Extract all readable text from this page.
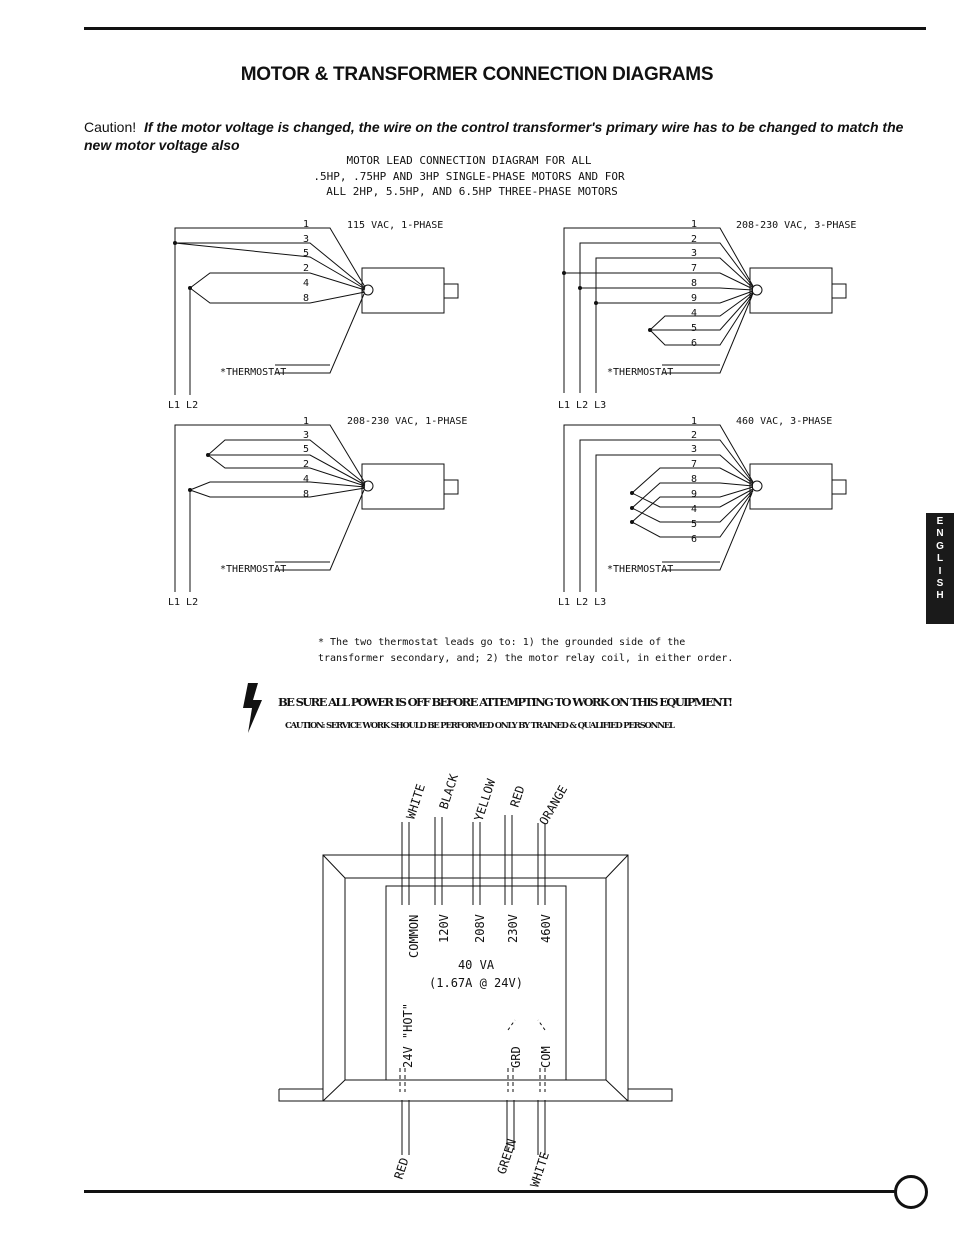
MOTOR & TRANSFORMER CONNECTION DIAGRAMS
Caution! If the motor voltage is changed, the wire on the control transformer's primary wire has to be changed to match the new motor voltage also
E
N
G
L
I
S
H
MOTOR LEAD CONNECTION DIAGRAM FOR ALL
.5HP, .75HP AND 3HP SINGLE-PHASE MOTORS AND FOR
ALL 2HP, 5.5HP, AND 6.5HP THREE-PHASE MOTORS
1
3
5
2
4
8
115 VAC, 1-PHASE
*THERMOSTAT
L1 L2
1
2
3
7
8
9
4
5
6
208-230 VAC, 3-PHASE
*THERMOSTAT
L1 L2 L3
1
3
5
2
4
8
208-230 VAC, 1-PHASE
*THERMOSTAT
L1 L2
1
2
3
7
8
9
4
5
6
460 VAC, 3-PHASE
*THERMOSTAT
L1 L2 L3
* The two thermostat leads go to: 1) the grounded side of the
transformer secondary, and; 2) the motor relay coil, in either order.
BE SURE ALL POWER IS OFF BEFORE ATTEMPTING TO WORK ON THIS EQUIPMENT!
CAUTION: SERVICE WORK SHOULD BE PERFORMED ONLY BY TRAINED & QUALIFIED PERSONNEL
WHITE BLACK YELLOW RED ORANGE
COMMON 120V 208V 230V 460V
40 VA
(1.67A @ 24V)
24V "HOT"	GRD COM
RED	GREEN WHITE
